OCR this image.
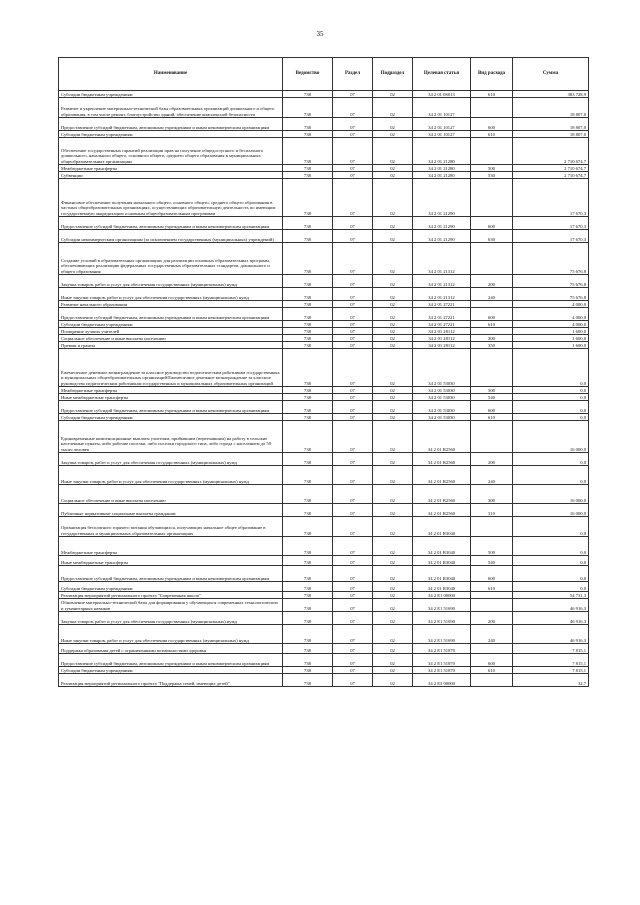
35
Наименование	Ведомство	Раздел	Подраздел	Целевая статья	Вид расхода	Сумма
Субсидии бюджетным учреждениям	738	07	02	34 2 01 0S013	610	383 728,9
Развитие и укрепление материально-технической базы образовательных организаций дошкольного и общего образования, в том числе ремонт, благоустройство зданий, обеспечение комплексной безопасности	738	07	02	34 2 01 10127		18 807,0
Предоставление субсидий бюджетным, автономным учреждениям и иным некоммерческим организациям	738	07	02	34 2 01 10127	600	18 807,0
Субсидии бюджетным учреждениям	738	07	02	34 2 01 10127	610	18 807,0
Обеспечение государственных гарантий реализации прав на получение общедоступного и бесплатного дошкольного, начального общего, основного общего, среднего общего образования в муниципальных общеобразовательных организациях	738	07	02	34 2 01 21280		2 710 674,7
Межбюджетные трансферты	738	07	02	34 2 01 21280	500	2 710 674,7
Субвенции	738	07	02	34 2 01 21280	530	2 710 674,7
Финансовое обеспечение получения начального общего, основного общего, среднего общего образования в частных общеобразовательных организациях, осуществляющих образовательную деятельность по имеющим государственную аккредитацию основным общеобразовательным программам	738	07	02	34 2 01 21290		17 670,3
Предоставление субсидий бюджетным, автономным учреждениям и иным некоммерческим организациям	738	07	02	34 2 01 21290	600	17 670,3
Субсидии некоммерческим организациям (за исключением государственных (муниципальных) учреждений)	738	07	02	34 2 01 21290	630	17 670,3
Создание условий в образовательных организациях для реализации основных образовательных программ, обеспечивающих реализацию федеральных государственных образовательных стандартов, дошкольного и общего образования	738	07	02	34 2 01 21312		75 676,8
Закупка товаров, работ и услуг для обеспечения государственных (муниципальных) нужд	738	07	02	34 2 01 21312	200	75 676,8
Иные закупки товаров, работ и услуг для обеспечения государственных (муниципальных) нужд	738	07	02	34 2 01 21312	240	75 676,8
Развитие начального образования	738	07	02	34 2 01 27221		4 000,0
Предоставление субсидий бюджетным, автономным учреждениям и иным некоммерческим организациям	738	07	02	34 2 01 27221	600	4 000,0
Субсидии бюджетным учреждениям	738	07	02	34 2 01 27221	610	4 000,0
Поощрение лучших учителей	738	07	02	34 2 01 28112		1 600,0
Социальное обеспечение и иные выплаты населению	738	07	02	34 2 01 28112	300	1 600,0
Премии и гранты	738	07	02	34 2 01 28112	350	1 600,0
Ежемесячное денежное вознаграждение за классное руководство педагогическим работникам государственных и муниципальных общеобразовательных организаций/Ежемесячное денежное вознаграждение за классное руководство педагогическим работникам государственных и муниципальных образовательных организаций	738	07	02	34 2 01 53030		0,0
Межбюджетные трансферты	738	07	02	34 2 01 53030	500	0,0
Иные межбюджетные трансферты	738	07	02	34 2 01 53030	540	0,0
Предоставление субсидий бюджетным, автономным учреждениям и иным некоммерческим организациям	738	07	02	34 2 01 53030	600	0,0
Субсидии бюджетным учреждениям	738	07	02	34 2 01 53030	610	0,0
Единовременные компенсационные выплаты учителям, прибывшим (переехавшим) на работу в сельские населенные пункты, либо рабочие поселки, либо поселки городского типа, либо города с населением до 50 тысяч человек	738	07	02	34 2 01 R2560		16 000,0
Закупка товаров, работ и услуг для обеспечения государственных (муниципальных) нужд	738	07	02	34 2 01 R2560	200	0,0
Иные закупки товаров, работ и услуг для обеспечения государственных (муниципальных) нужд	738	07	02	34 2 01 R2560	240	0,0
Социальное обеспечение и иные выплаты населению	738	07	02	34 2 01 R2560	300	16 000,0
Публичные нормативные социальные выплаты гражданам	738	07	02	34 2 01 R2560	310	16 000,0
Организация бесплатного горячего питания обучающихся, получающих начальное общее образование в государственных и муниципальных образовательных организациях	738	07	02	34 2 01 R3040		0,0
Межбюджетные трансферты	738	07	02	34 2 01 R3040	500	0,0
Иные межбюджетные трансферты	738	07	02	34 2 01 R3040	540	0,0
Предоставление субсидий бюджетным, автономным учреждениям и иным некоммерческим организациям	738	07	02	34 2 01 R3040	600	0,0
Субсидии бюджетным учреждениям	738	07	02	34 2 01 R3040	610	0,0
Реализация мероприятий регионального проекта "Современная школа"	738	07	02	34 2 E1 00000		54 731,3
Обновление материально-технической базы для формирования у обучающихся современных технологических и гуманитарных навыков	738	07	02	34 2 E1 51690		46 916,3
Закупка товаров, работ и услуг для обеспечения государственных (муниципальных) нужд	738	07	02	34 2 E1 51690	200	46 916,3
Иные закупки товаров, работ и услуг для обеспечения государственных (муниципальных) нужд	738	07	02	34 2 E1 51690	240	46 916,3
Поддержка образования детей с ограниченными возможностями здоровья	738	07	02	34 2 E1 51870		7 815,1
Предоставление субсидий бюджетным, автономным учреждениям и иным некоммерческим организациям	738	07	02	34 2 E1 51870	600	7 815,1
Субсидии бюджетным учреждениям	738	07	02	34 2 E1 51870	610	7 815,1
Реализация мероприятий регионального проекта "Поддержка семей, имеющих детей"	738	07	02	34 2 E3 00000		32,7
